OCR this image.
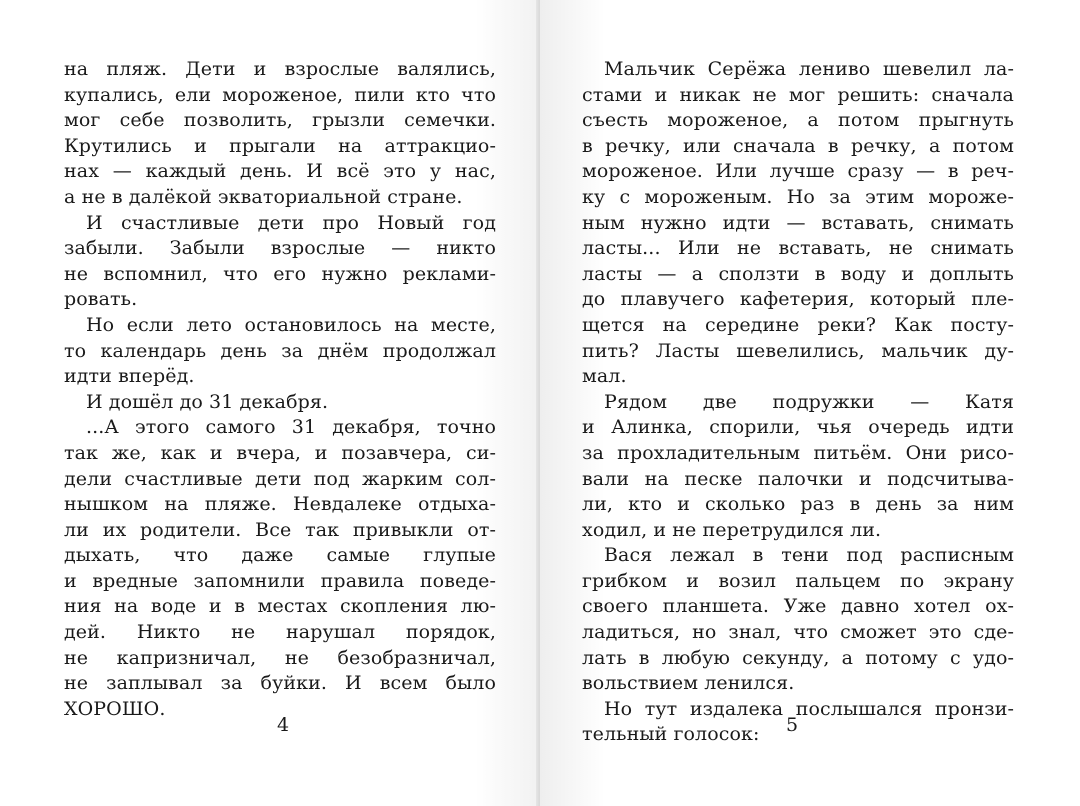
на пляж. Дети и взрослые валялись,
купались, ели мороженое, пили кто что
мог себе позволить, грызли семечки.
Крутились и прыгали на аттракцио-
нах — каждый день. И всё это у нас,
а не в далёкой экваториальной стране.
И счастливые дети про Новый год
забыли. Забыли взрослые — никто
не вспомнил, что его нужно реклами-
ровать.
Но если лето остановилось на месте,
то календарь день за днём продолжал
идти вперёд.
И дошёл до 31 декабря.
...А этого самого 31 декабря, точно
так же, как и вчера, и позавчера, си-
дели счастливые дети под жарким сол-
нышком на пляже. Невдалеке отдыха-
ли их родители. Все так привыкли от-
дыхать, что даже самые глупые
и вредные запомнили правила поведе-
ния на воде и в местах скопления лю-
дей. Никто не нарушал порядок,
не капризничал, не безобразничал,
не заплывал за буйки. И всем было
ХОРОШО.
4
Мальчик Серёжа лениво шевелил ла-
стами и никак не мог решить: сначала
съесть мороженое, а потом прыгнуть
в речку, или сначала в речку, а потом
мороженое. Или лучше сразу — в реч-
ку с мороженым. Но за этим мороже-
ным нужно идти — вставать, снимать
ласты... Или не вставать, не снимать
ласты — а сползти в воду и доплыть
до плавучего кафетерия, который пле-
щется на середине реки? Как посту-
пить? Ласты шевелились, мальчик ду-
мал.
Рядом две подружки — Катя
и Алинка, спорили, чья очередь идти
за прохладительным питьём. Они рисо-
вали на песке палочки и подсчитыва-
ли, кто и сколько раз в день за ним
ходил, и не перетрудился ли.
Вася лежал в тени под расписным
грибком и возил пальцем по экрану
своего планшета. Уже давно хотел ох-
ладиться, но знал, что сможет это сде-
лать в любую секунду, а потому с удо-
вольствием ленился.
Но тут издалека послышался пронзи-
тельный голосок:	5
